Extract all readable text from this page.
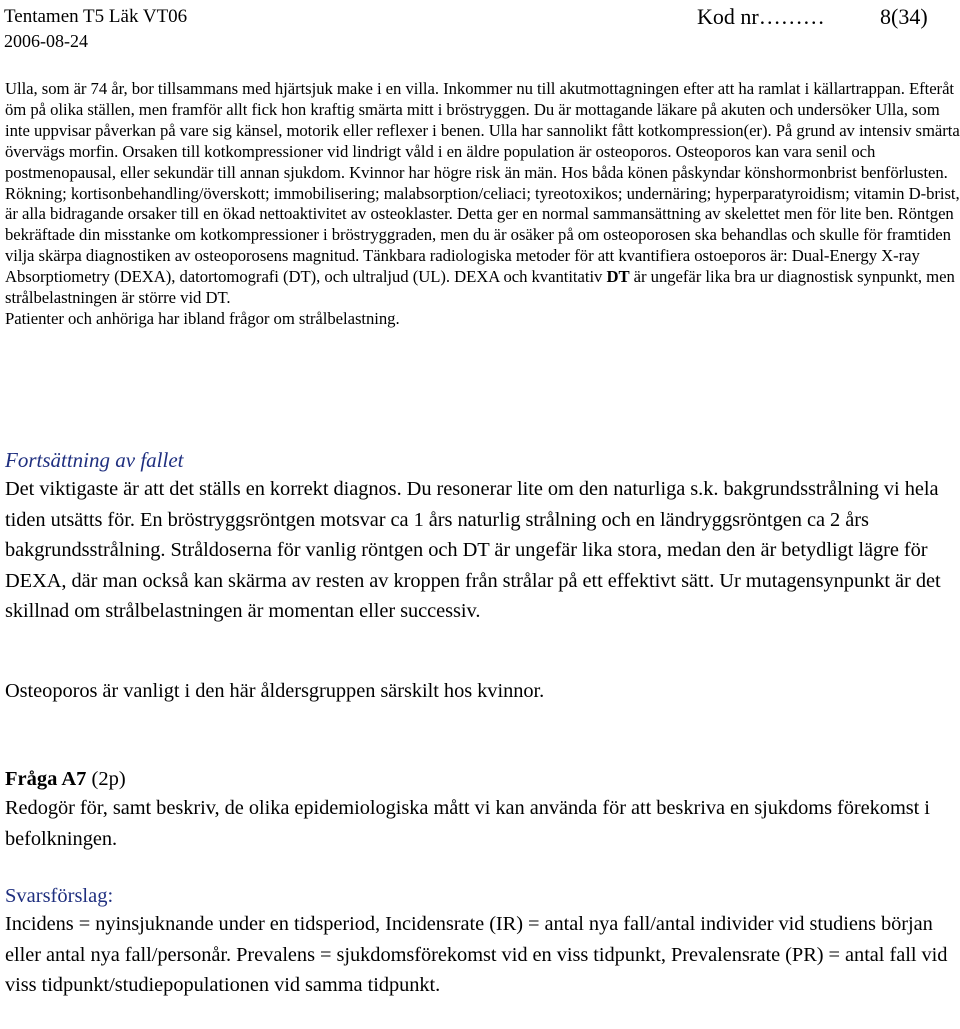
Tentamen T5 Läk VT06
2006-08-24
Kod nr………	8(34)

Ulla, som är 74 år, bor tillsammans med hjärtsjuk make i en villa. Inkommer nu till akutmottagningen efter att ha ramlat i källartrappan. Efteråt öm på olika ställen, men framför allt fick hon kraftig smärta mitt i bröstryggen. Du är mottagande läkare på akuten och undersöker Ulla, som inte uppvisar påverkan på vare sig känsel, motorik eller reflexer i benen. Ulla har sannolikt fått kotkompression(er). På grund av intensiv smärta övervägs morfin. Orsaken till kotkompressioner vid lindrigt våld i en äldre population är osteoporos. Osteoporos kan vara senil och postmenopausal, eller sekundär till annan sjukdom. Kvinnor har högre risk än män. Hos båda könen påskyndar könshormonbrist benförlusten. Rökning; kortisonbehandling/överskott; immobilisering; malabsorption/celiaci; tyreotoxikos; undernäring; hyperparatyroidism; vitamin D-brist, är alla bidragande orsaker till en ökad nettoaktivitet av osteoklaster. Detta ger en normal sammansättning av skelettet men för lite ben. Röntgen bekräftade din misstanke om kotkompressioner i bröstryggraden, men du är osäker på om osteoporosen ska behandlas och skulle för framtiden vilja skärpa diagnostiken av osteoporosens magnitud. Tänkbara radiologiska metoder för att kvantifiera ostoeporos är: Dual-Energy X-ray Absorptiometry (DEXA), datortomografi (DT), och ultraljud (UL). DEXA och kvantitativ DT är ungefär lika bra ur diagnostisk synpunkt, men strålbelastningen är större vid DT.

Patienter och anhöriga har ibland frågor om strålbelastning.

Fortsättning av fallet
Det viktigaste är att det ställs en korrekt diagnos. Du resonerar lite om den naturliga s.k. bakgrundsstrålning vi hela tiden utsätts för. En bröstryggsröntgen motsvar ca 1 års naturlig strålning och en ländryggsröntgen ca 2 års bakgrundsstrålning. Stråldoserna för vanlig röntgen och DT är ungefär lika stora, medan den är betydligt lägre för DEXA, där man också kan skärma av resten av kroppen från strålar på ett effektivt sätt. Ur mutagensynpunkt är det skillnad om strålbelastningen är momentan eller successiv.
Osteoporos är vanligt i den här åldersgruppen särskilt hos kvinnor.
Fråga A7 (2p)
Redogör för, samt beskriv, de olika epidemiologiska mått vi kan använda för att beskriva en sjukdoms förekomst i befolkningen.
Svarsförslag:
Incidens = nyinsjuknande under en tidsperiod, Incidensrate (IR) = antal nya fall/antal individer vid studiens början eller antal nya fall/personår. Prevalens = sjukdomsförekomst vid en viss tidpunkt, Prevalensrate (PR) = antal fall vid viss tidpunkt/studiepopulationen vid samma tidpunkt.
